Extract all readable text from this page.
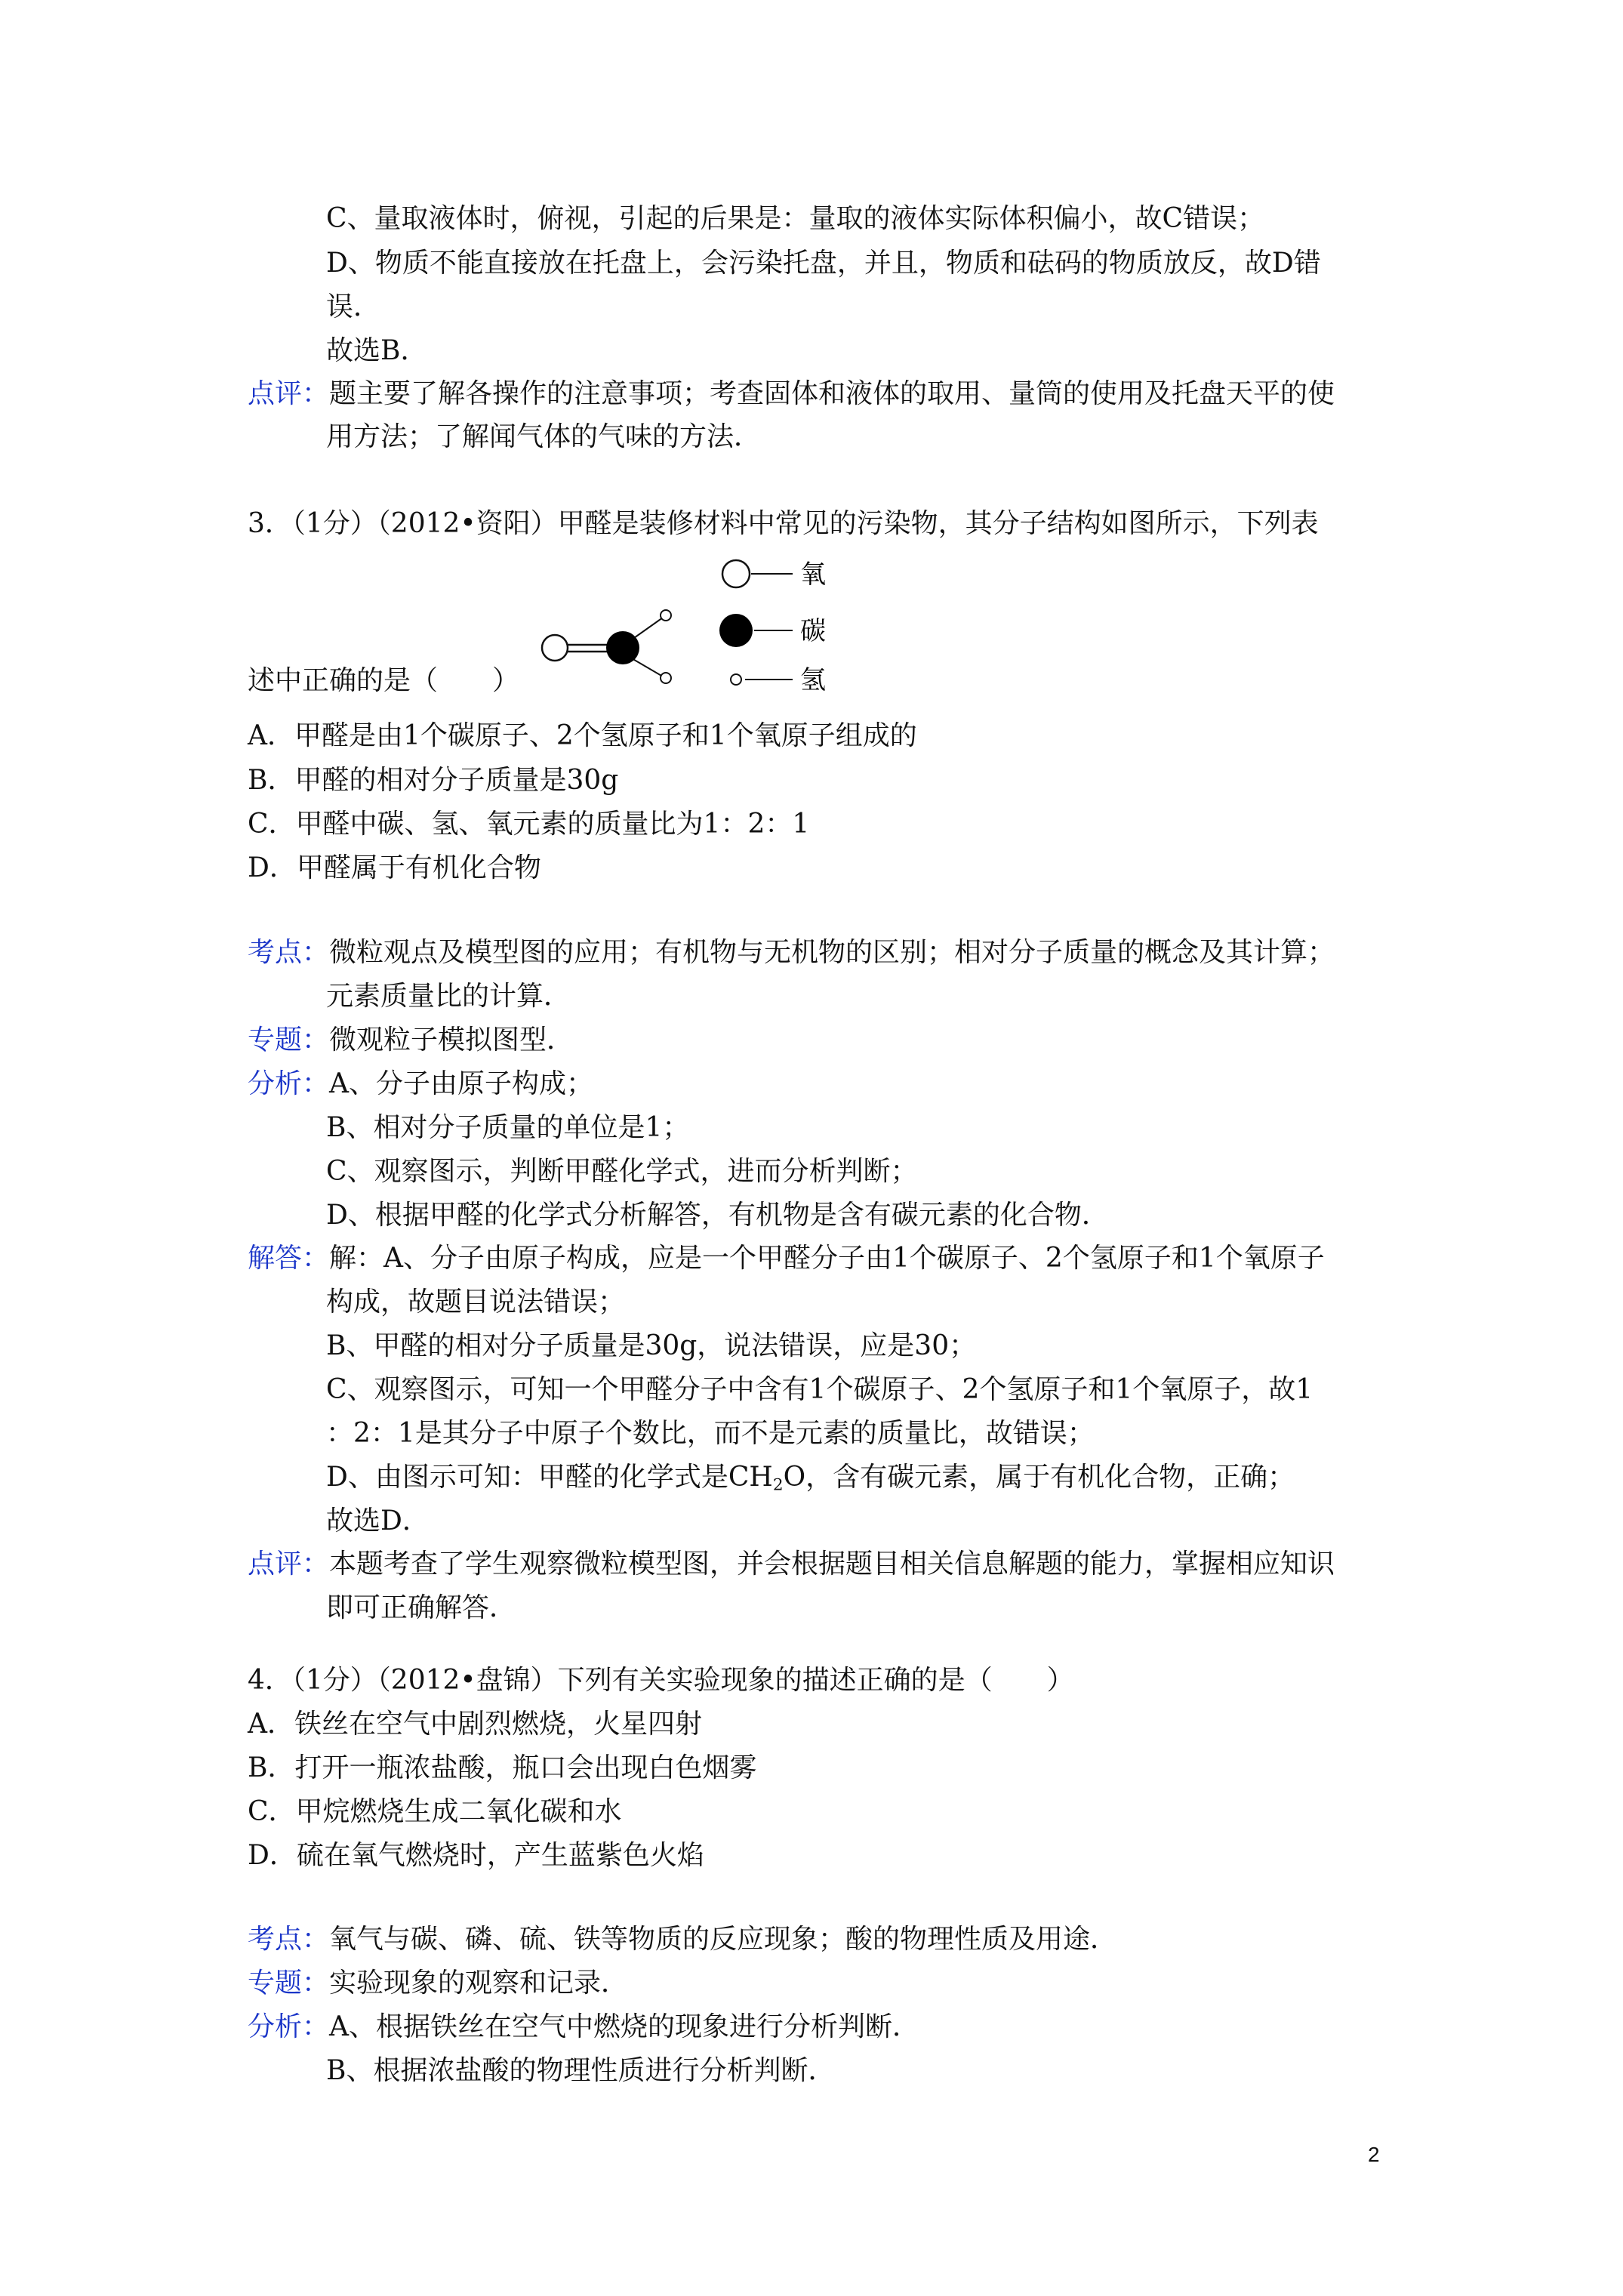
C、量取液体时，俯视，引起的后果是：量取的液体实际体积偏小，故C错误；
D、物质不能直接放在托盘上，会污染托盘，并且，物质和砝码的物质放反，故D错
误．
故选B．
点评：题主要了解各操作的注意事项；考查固体和液体的取用、量筒的使用及托盘天平的使
用方法；了解闻气体的气味的方法．
3．（1分）（2012•资阳）甲醛是装修材料中常见的污染物，其分子结构如图所示，下列表
氧
碳
氢
述中正确的是（　　）
A．甲醛是由1个碳原子、2个氢原子和1个氧原子组成的
B．甲醛的相对分子质量是30g
C．甲醛中碳、氢、氧元素的质量比为1：2：1
D．甲醛属于有机化合物
考点：微粒观点及模型图的应用；有机物与无机物的区别；相对分子质量的概念及其计算；
元素质量比的计算．
专题：微观粒子模拟图型．
分析：A、分子由原子构成；
B、相对分子质量的单位是1；
C、观察图示，判断甲醛化学式，进而分析判断；
D、根据甲醛的化学式分析解答，有机物是含有碳元素的化合物．
解答：解：A、分子由原子构成，应是一个甲醛分子由1个碳原子、2个氢原子和1个氧原子
构成，故题目说法错误；
B、甲醛的相对分子质量是30g，说法错误，应是30；
C、观察图示，可知一个甲醛分子中含有1个碳原子、2个氢原子和1个氧原子，故1
：2：1是其分子中原子个数比，而不是元素的质量比，故错误；
D、由图示可知：甲醛的化学式是$CH_2O$，含有碳元素，属于有机化合物，正确；
故选D．
点评：本题考查了学生观察微粒模型图，并会根据题目相关信息解题的能力，掌握相应知识
即可正确解答．
4．（1分）（2012•盘锦）下列有关实验现象的描述正确的是（　　）
A．铁丝在空气中剧烈燃烧，火星四射
B．打开一瓶浓盐酸，瓶口会出现白色烟雾
C．甲烷燃烧生成二氧化碳和水
D．硫在氧气燃烧时，产生蓝紫色火焰
考点：氧气与碳、磷、硫、铁等物质的反应现象；酸的物理性质及用途．
专题：实验现象的观察和记录．
分析：A、根据铁丝在空气中燃烧的现象进行分析判断．
B、根据浓盐酸的物理性质进行分析判断．
2
